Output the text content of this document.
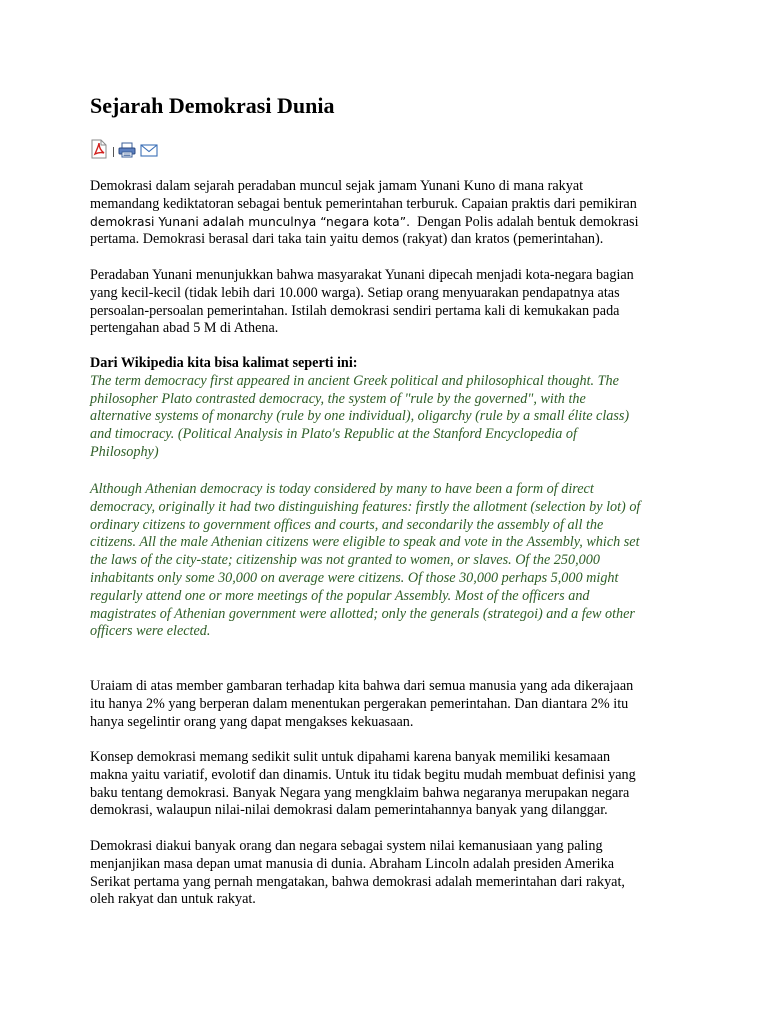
Sejarah Demokrasi Dunia

Demokrasi dalam sejarah peradaban muncul sejak jamam Yunani Kuno di mana rakyat
memandang kediktatoran sebagai bentuk pemerintahan terburuk. Capaian praktis dari pemikiran
demokrasi Yunani adalah munculnya “negara kota”.  Dengan Polis adalah bentuk demokrasi
pertama. Demokrasi berasal dari taka tain yaitu demos (rakyat) dan kratos (pemerintahan).

Peradaban Yunani menunjukkan bahwa masyarakat Yunani dipecah menjadi kota-negara bagian
yang kecil-kecil (tidak lebih dari 10.000 warga). Setiap orang menyuarakan pendapatnya atas
persoalan-persoalan pemerintahan. Istilah demokrasi sendiri pertama kali di kemukakan pada
pertengahan abad 5 M di Athena.

Dari Wikipedia kita bisa kalimat seperti ini:
The term democracy first appeared in ancient Greek political and philosophical thought. The
philosopher Plato contrasted democracy, the system of "rule by the governed", with the
alternative systems of monarchy (rule by one individual), oligarchy (rule by a small élite class)
and timocracy. (Political Analysis in Plato's Republic at the Stanford Encyclopedia of
Philosophy)

Although Athenian democracy is today considered by many to have been a form of direct
democracy, originally it had two distinguishing features: firstly the allotment (selection by lot) of
ordinary citizens to government offices and courts, and secondarily the assembly of all the
citizens. All the male Athenian citizens were eligible to speak and vote in the Assembly, which set
the laws of the city-state; citizenship was not granted to women, or slaves. Of the 250,000
inhabitants only some 30,000 on average were citizens. Of those 30,000 perhaps 5,000 might
regularly attend one or more meetings of the popular Assembly. Most of the officers and
magistrates of Athenian government were allotted; only the generals (strategoi) and a few other
officers were elected.

Uraiam di atas member gambaran terhadap kita bahwa dari semua manusia yang ada dikerajaan
itu hanya 2% yang berperan dalam menentukan pergerakan pemerintahan. Dan diantara 2% itu
hanya segelintir orang yang dapat mengakses kekuasaan.

Konsep demokrasi memang sedikit sulit untuk dipahami karena banyak memiliki kesamaan
makna yaitu variatif, evolotif dan dinamis. Untuk itu tidak begitu mudah membuat definisi yang
baku tentang demokrasi. Banyak Negara yang mengklaim bahwa negaranya merupakan negara
demokrasi, walaupun nilai-nilai demokrasi dalam pemerintahannya banyak yang dilanggar.

Demokrasi diakui banyak orang dan negara sebagai system nilai kemanusiaan yang paling
menjanjikan masa depan umat manusia di dunia. Abraham Lincoln adalah presiden Amerika
Serikat pertama yang pernah mengatakan, bahwa demokrasi adalah memerintahan dari rakyat,
oleh rakyat dan untuk rakyat.
